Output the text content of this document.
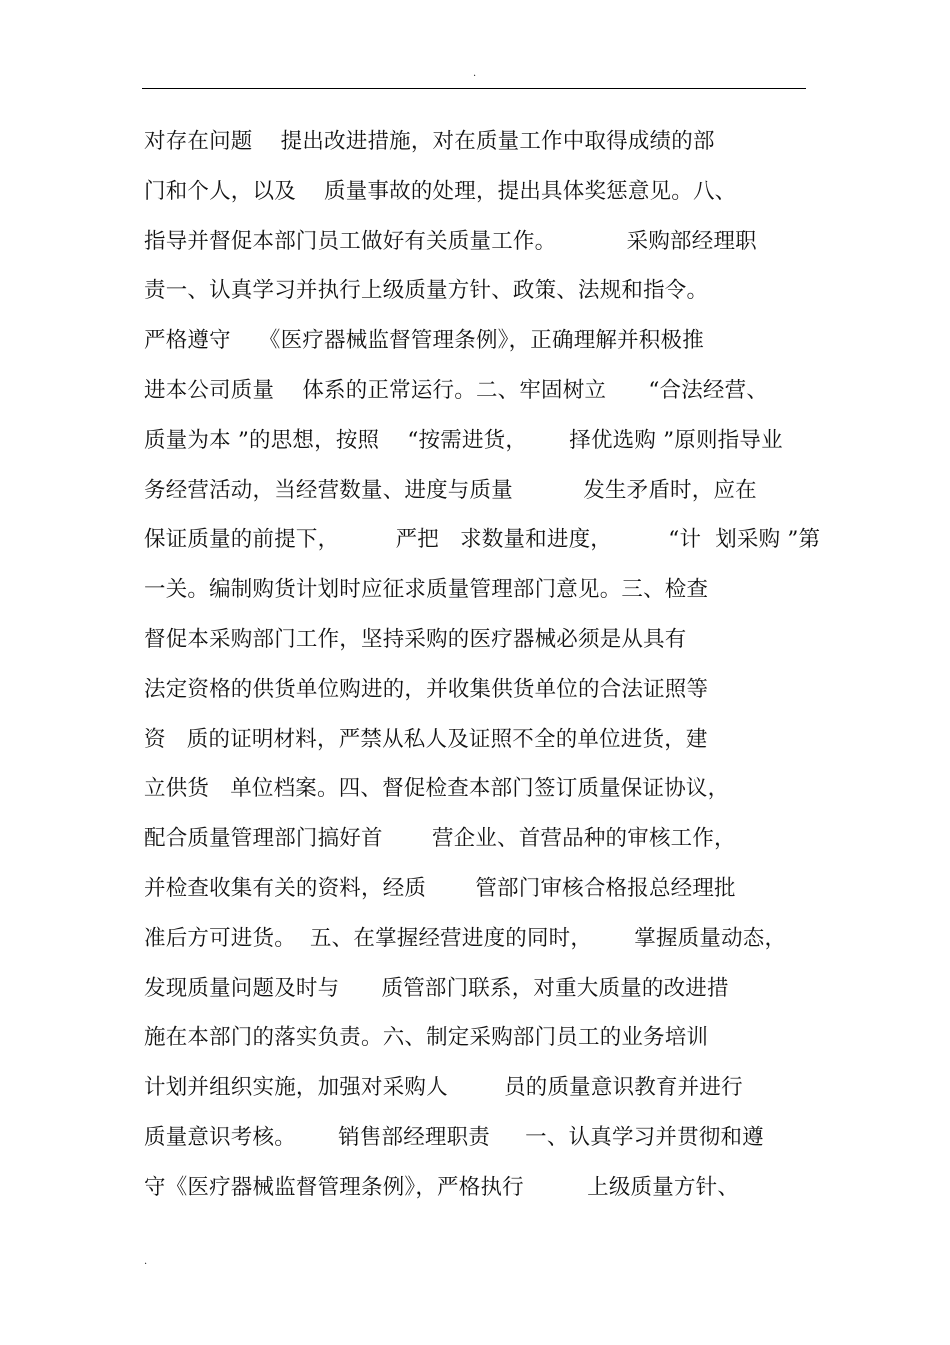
.
对存在问题    提出改进措施，对在质量工作中取得成绩的部
门和个人，以及    质量事故的处理，提出具体奖惩意见。八、
指导并督促本部门员工做好有关质量工作。          采购部经理职
责一、认真学习并执行上级质量方针、政策、法规和指令。
严格遵守    《医疗器械监督管理条例》，正确理解并积极推
进本公司质量    体系的正常运行。二、牢固树立      “合法经营、
质量为本 ”的思想，按照    “按需进货，      择优选购 ”原则指导业
务经营活动，当经营数量、进度与质量          发生矛盾时，应在
保证质量的前提下，        严把   求数量和进度，        “计  划采购 ”第
一关。编制购货计划时应征求质量管理部门意见。三、检查
督促本采购部门工作，坚持采购的医疗器械必须是从具有
法定资格的供货单位购进的，并收集供货单位的合法证照等
资   质的证明材料，严禁从私人及证照不全的单位进货，建
立供货   单位档案。四、督促检查本部门签订质量保证协议，
配合质量管理部门搞好首       营企业、首营品种的审核工作，
并检查收集有关的资料，经质       管部门审核合格报总经理批
准后方可进货。  五、在掌握经营进度的同时，      掌握质量动态，
发现质量问题及时与      质管部门联系，对重大质量的改进措
施在本部门的落实负责。六、制定采购部门员工的业务培训
计划并组织实施，加强对采购人        员的质量意识教育并进行
质量意识考核。      销售部经理职责     一、认真学习并贯彻和遵
守《医疗器械监督管理条例》，严格执行         上级质量方针、
.
